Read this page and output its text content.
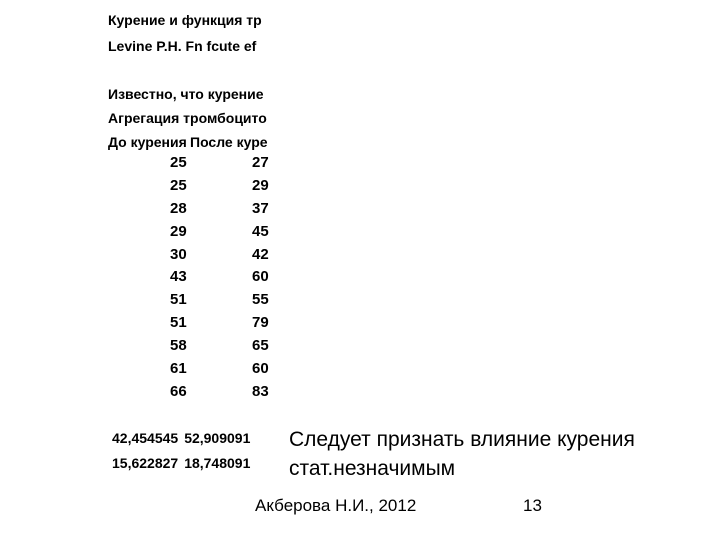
Курение и функция тр
Levine P.H. Fn fcute ef
Известно, что курение
Агрегация тромбоцито
До курения После куре
25	27
25	29
28	37
29	45
30	42
43	60
51	55
51	79
58	65
61	60
66	83
42,454545 52,909091
15,622827 18,748091
Следует признать влияние курения
стат.незначимым
Акберова Н.И., 2012	13
